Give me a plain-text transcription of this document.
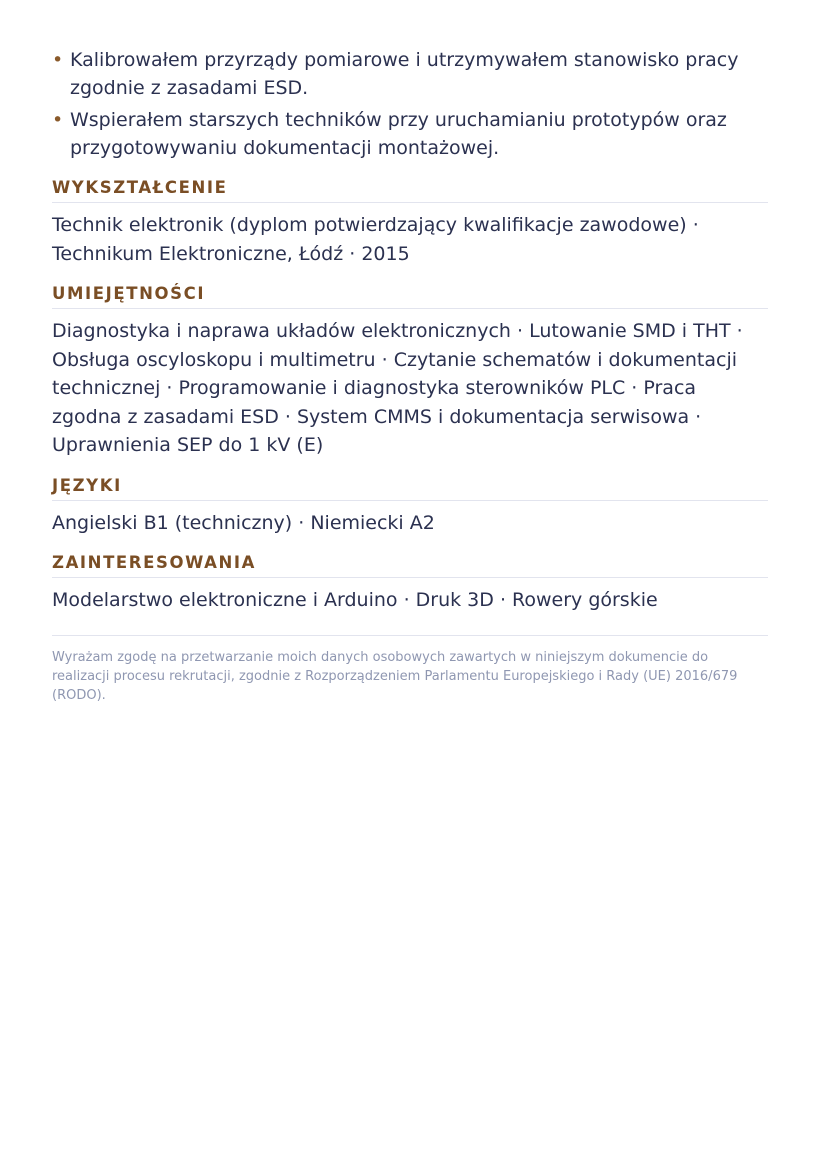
• Kalibrowałem przyrządy pomiarowe i utrzymywałem stanowisko pracy zgodnie z zasadami ESD.
• Wspierałem starszych techników przy uruchamianiu prototypów oraz przygotowywaniu dokumentacji montażowej.
WYKSZTAŁCENIE

Technik elektronik (dyplom potwierdzający kwalifikacje zawodowe) · Technikum Elektroniczne, Łódź · 2015

UMIEJĘTNOŚCI

Diagnostyka i naprawa układów elektronicznych · Lutowanie SMD i THT · Obsługa oscyloskopu i multimetru · Czytanie schematów i dokumentacji technicznej · Programowanie i diagnostyka sterowników PLC · Praca zgodna z zasadami ESD · System CMMS i dokumentacja serwisowa · Uprawnienia SEP do 1 kV (E)

JĘZYKI

Angielski B1 (techniczny) · Niemiecki A2

ZAINTERESOWANIA

Modelarstwo elektroniczne i Arduino · Druk 3D · Rowery górskie

Wyrażam zgodę na przetwarzanie moich danych osobowych zawartych w niniejszym dokumencie do realizacji procesu rekrutacji, zgodnie z Rozporządzeniem Parlamentu Europejskiego i Rady (UE) 2016/679 (RODO).
